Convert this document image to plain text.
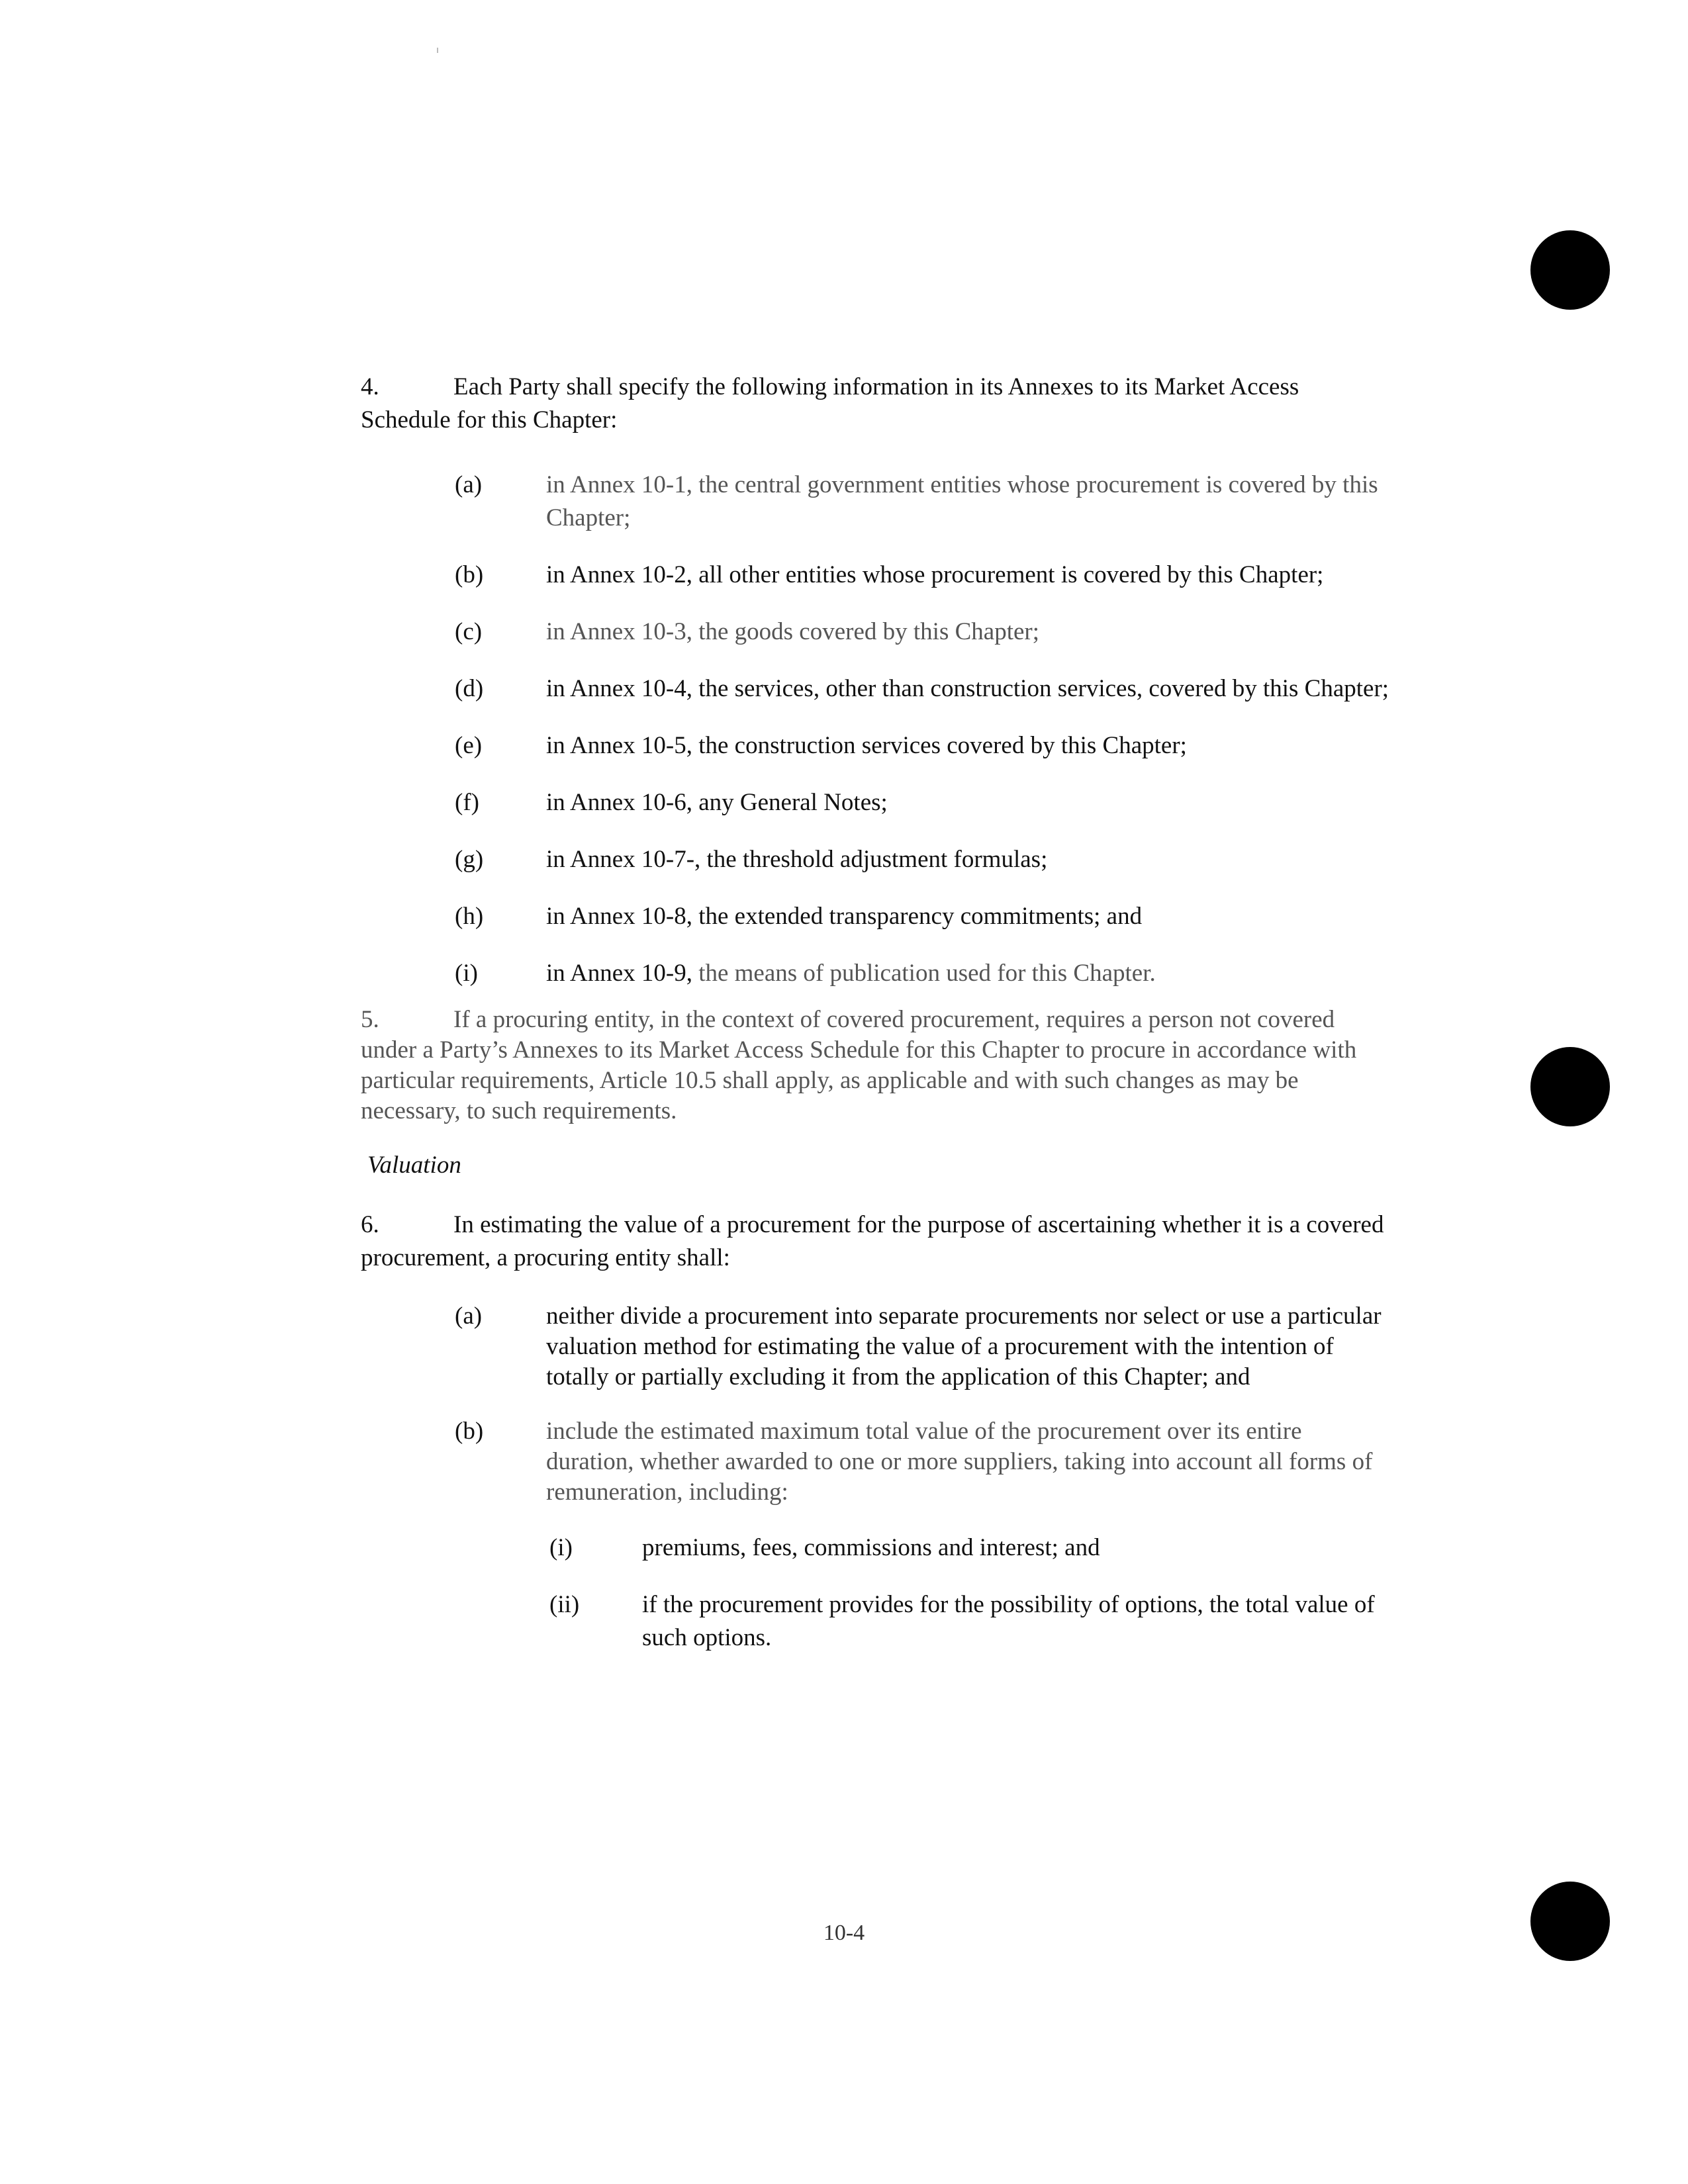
4.	Each Party shall specify the following information in its Annexes to its Market Access Schedule for this Chapter:

(a)	in Annex 10-1, the central government entities whose procurement is covered by this Chapter;
(b)	in Annex 10-2, all other entities whose procurement is covered by this Chapter;
(c)	in Annex 10-3, the goods covered by this Chapter;
(d)	in Annex 10-4, the services, other than construction services, covered by this Chapter;
(e)	in Annex 10-5, the construction services covered by this Chapter;
(f)	in Annex 10-6, any General Notes;
(g)	in Annex 10-7-, the threshold adjustment formulas;
(h)	in Annex 10-8, the extended transparency commitments; and
(i)	in Annex 10-9, the means of publication used for this Chapter.

5.	If a procuring entity, in the context of covered procurement, requires a person not covered under a Party’s Annexes to its Market Access Schedule for this Chapter to procure in accordance with particular requirements, Article 10.5 shall apply, as applicable and with such changes as may be necessary, to such requirements.

Valuation

6.	In estimating the value of a procurement for the purpose of ascertaining whether it is a covered procurement, a procuring entity shall:

(a)	neither divide a procurement into separate procurements nor select or use a particular valuation method for estimating the value of a procurement with the intention of totally or partially excluding it from the application of this Chapter; and
(b)	include the estimated maximum total value of the procurement over its entire duration, whether awarded to one or more suppliers, taking into account all forms of remuneration, including:
(i)	premiums, fees, commissions and interest; and
(ii)	if the procurement provides for the possibility of options, the total value of such options.
10-4
